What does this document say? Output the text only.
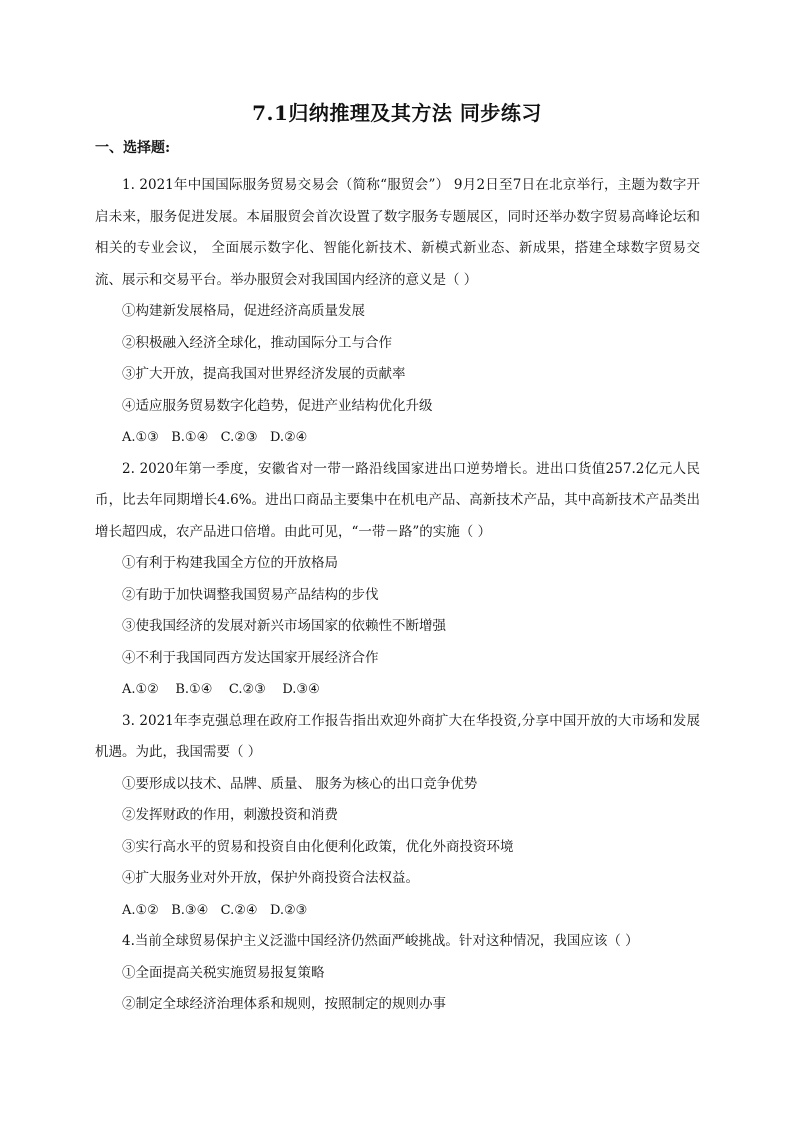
7.1归纳推理及其方法 同步练习
一、选择题:

1. 2021年中国国际服务贸易交易会（简称“服贸会”） 9月2日至7日在北京举行，主题为数字开启未来，服务促进发展。本届服贸会首次设置了数字服务专题展区，同时还举办数字贸易高峰论坛和相关的专业会议， 全面展示数字化、智能化新技术、新模式新业态、新成果，搭建全球数字贸易交流、展示和交易平台。举办服贸会对我国国内经济的意义是（ ）

①构建新发展格局，促进经济高质量发展

②积极融入经济全球化，推动国际分工与合作

③扩大开放，提高我国对世界经济发展的贡献率

④适应服务贸易数字化趋势，促进产业结构优化升级

A.①③   B.①④   C.②③   D.②④

2. 2020年第一季度，安徽省对一带一路沿线国家进出口逆势增长。进出口货值257.2亿元人民币，比去年同期增长4.6%。进出口商品主要集中在机电产品、高新技术产品，其中高新技术产品类出增长超四成，农产品进口倍增。由此可见，“一带－路”的实施（ ）

①有利于构建我国全方位的开放格局

②有助于加快调整我国贸易产品结构的步伐

③使我国经济的发展对新兴市场国家的依赖性不断增强

④不利于我国同西方发达国家开展经济合作

A.①②    B.①④    C.②③    D.③④

3. 2021年李克强总理在政府工作报告指出欢迎外商扩大在华投资,分享中国开放的大市场和发展机遇。为此，我国需要（ ）

①要形成以技术、品牌、质量、 服务为核心的出口竞争优势

②发挥财政的作用，刺激投资和消费

③实行高水平的贸易和投资自由化便利化政策，优化外商投资环境

④扩大服务业对外开放，保护外商投资合法权益。

A.①②   B.③④   C.②④   D.②③

4.当前全球贸易保护主义泛滥中国经济仍然面严峻挑战。针对这种情况，我国应该（ ）

①全面提高关税实施贸易报复策略

②制定全球经济治理体系和规则，按照制定的规则办事
